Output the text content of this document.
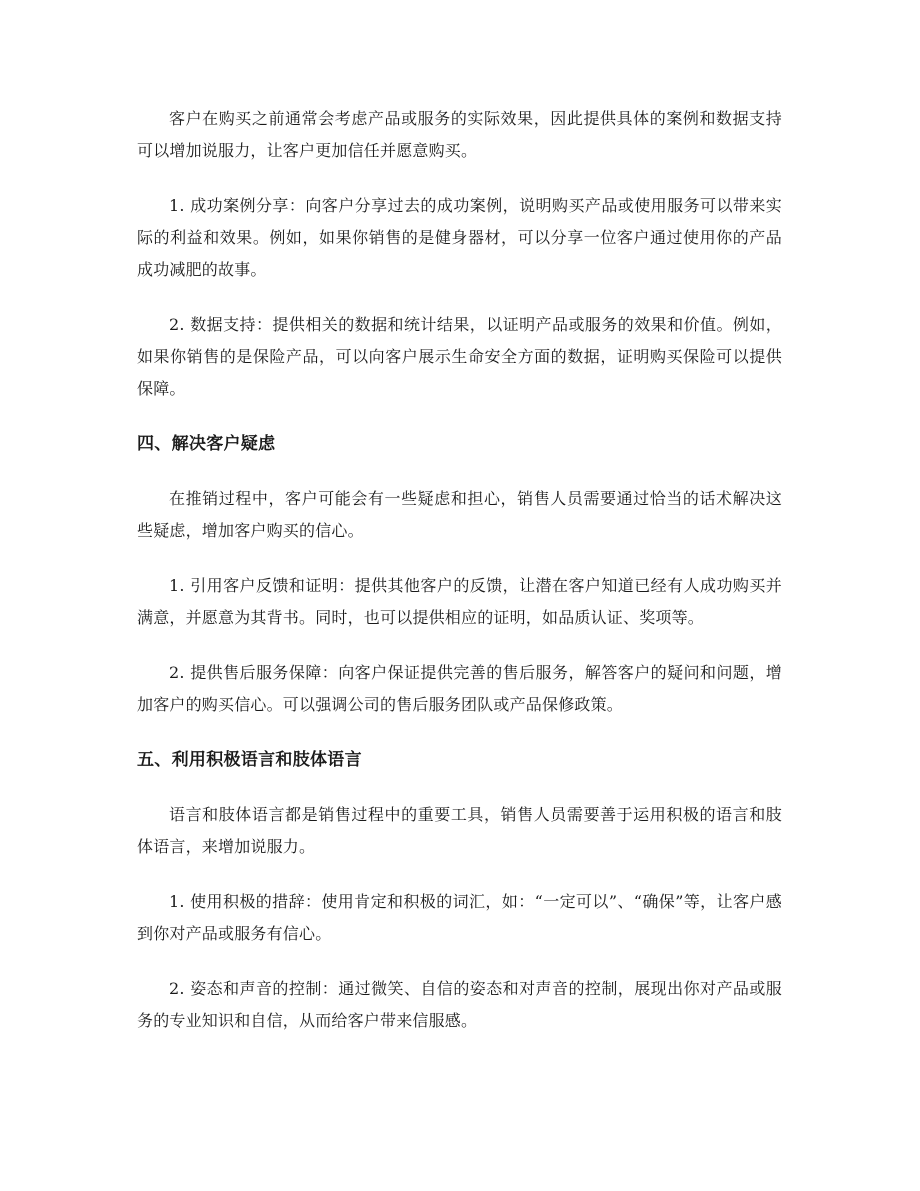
客户在购买之前通常会考虑产品或服务的实际效果，因此提供具体的案例和数据支持可以增加说服力，让客户更加信任并愿意购买。

1. 成功案例分享：向客户分享过去的成功案例，说明购买产品或使用服务可以带来实际的利益和效果。例如，如果你销售的是健身器材，可以分享一位客户通过使用你的产品成功减肥的故事。

2. 数据支持：提供相关的数据和统计结果，以证明产品或服务的效果和价值。例如，如果你销售的是保险产品，可以向客户展示生命安全方面的数据，证明购买保险可以提供保障。

四、解决客户疑虑

在推销过程中，客户可能会有一些疑虑和担心，销售人员需要通过恰当的话术解决这些疑虑，增加客户购买的信心。

1. 引用客户反馈和证明：提供其他客户的反馈，让潜在客户知道已经有人成功购买并满意，并愿意为其背书。同时，也可以提供相应的证明，如品质认证、奖项等。

2. 提供售后服务保障：向客户保证提供完善的售后服务，解答客户的疑问和问题，增加客户的购买信心。可以强调公司的售后服务团队或产品保修政策。

五、利用积极语言和肢体语言

语言和肢体语言都是销售过程中的重要工具，销售人员需要善于运用积极的语言和肢体语言，来增加说服力。

1. 使用积极的措辞：使用肯定和积极的词汇，如：“一定可以”、“确保”等，让客户感到你对产品或服务有信心。

2. 姿态和声音的控制：通过微笑、自信的姿态和对声音的控制，展现出你对产品或服务的专业知识和自信，从而给客户带来信服感。
